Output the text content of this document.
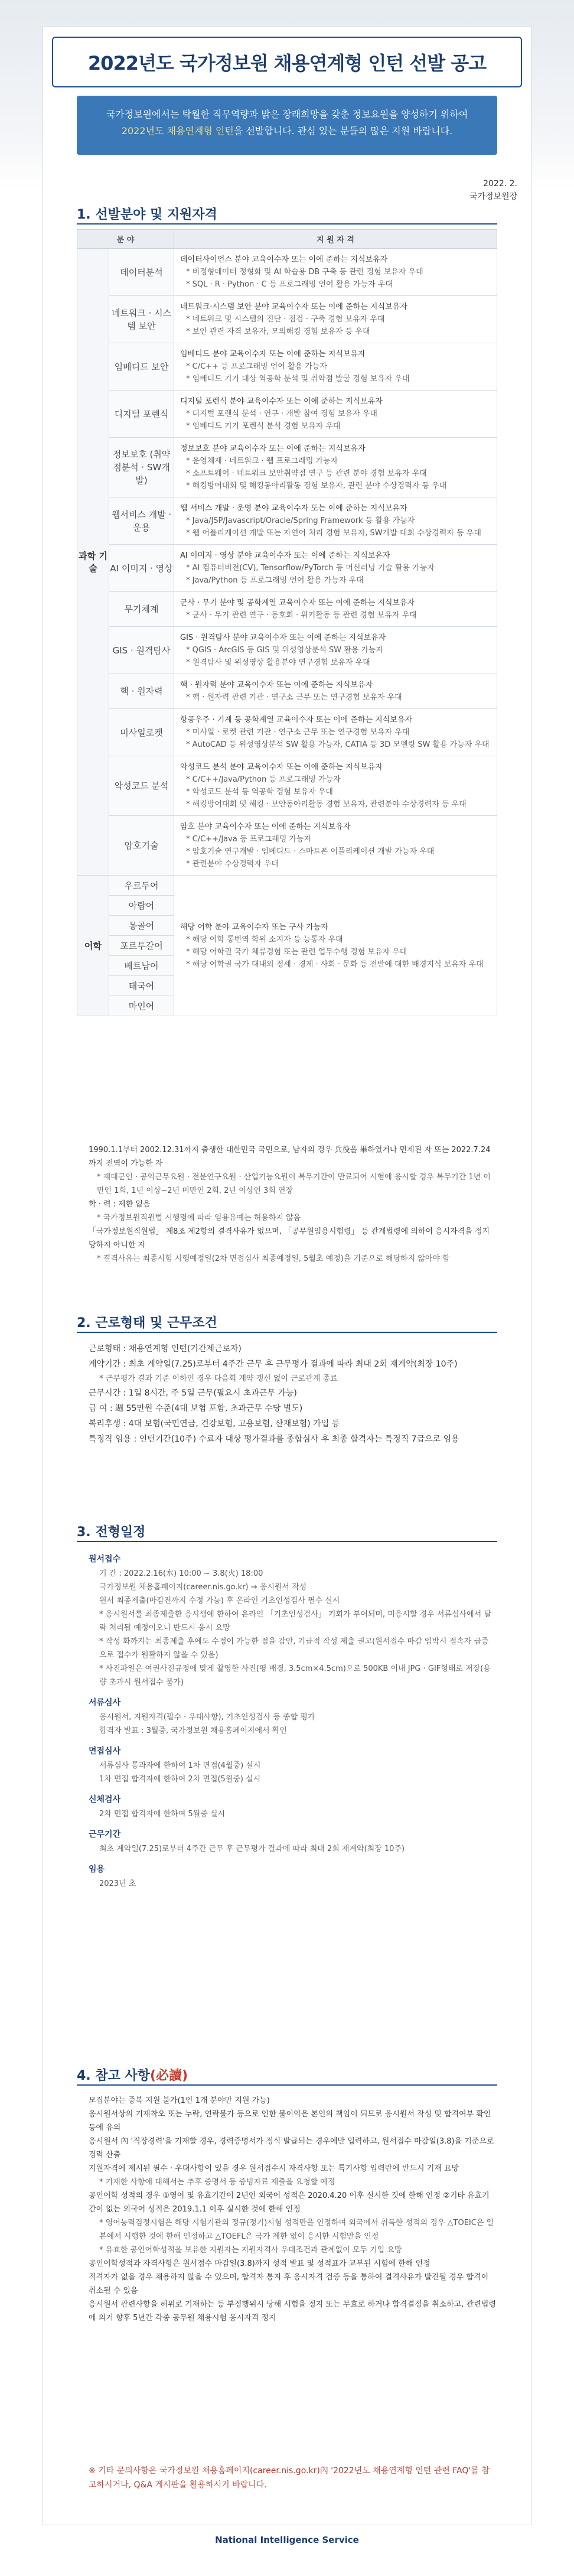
2022년도 국가정보원 채용연계형 인턴 선발 공고
국가정보원에서는 탁월한 직무역량과 밝은 장래희망을 갖춘 정보요원을 양성하기 위하여
2022년도 채용연계형 인턴을 선발합니다. 관심 있는 분들의 많은 지원 바랍니다.
2022. 2.
국가정보원장
1. 선발분야 및 지원자격
분 야		지 원 자 격
과학 기술	데이터분석	데이터사이언스 분야 교육이수자 또는 이에 준하는 지식보유자
* 비정형데이터 정형화 및 AI 학습용 DB 구축 등 관련 경험 보유자 우대
* SQL · R · Python · C 등 프로그래밍 언어 활용 가능자 우대

	네트워크 · 시스템 보안	네트워크·시스템 보안 분야 교육이수자 또는 이에 준하는 지식보유자
* 네트워크 및 시스템의 진단 · 점검 · 구축 경험 보유자 우대
* 보안 관련 자격 보유자, 모의해킹 경험 보유자 등 우대

	임베디드 보안	임베디드 분야 교육이수자 또는 이에 준하는 지식보유자
* C/C++ 등 프로그래밍 언어 활용 가능자
* 임베디드 기기 대상 역공학 분석 및 취약점 발굴 경험 보유자 우대

	디지털 포렌식	디지털 포렌식 분야 교육이수자 또는 이에 준하는 지식보유자
* 디지털 포렌식 분석 · 연구 · 개발 참여 경험 보유자 우대
* 임베디드 기기 포렌식 분석 경험 보유자 우대

	정보보호 (취약점분석 · SW개발)	정보보호 분야 교육이수자 또는 이에 준하는 지식보유자
* 운영체제 · 네트워크 · 웹 프로그래밍 가능자
* 소프트웨어 · 네트워크 보안취약점 연구 등 관련 분야 경험 보유자 우대
* 해킹방어대회 및 해킹동아리활동 경험 보유자, 관련 분야 수상경력자 등 우대

	웹서비스 개발 · 운용	웹 서비스 개발 · 운영 분야 교육이수자 또는 이에 준하는 지식보유자
* Java/JSP/Javascript/Oracle/Spring Framework 등 활용 가능자
* 웹 어플리케이션 개발 또는 자연어 처리 경험 보유자, SW개발 대회 수상경력자 등 우대

	AI 이미지 · 영상	AI 이미지 · 영상 분야 교육이수자 또는 이에 준하는 지식보유자
* AI 컴퓨터비전(CV), Tensorflow/PyTorch 등 머신러닝 기술 활용 가능자
* Java/Python 등 프로그래밍 언어 활용 가능자 우대

	무기체계	군사 · 무기 분야 및 공학계열 교육이수자 또는 이에 준하는 지식보유자
* 군사 · 무기 관련 연구 · 동호회 · 위키활동 등 관련 경험 보유자 우대

	GIS · 원격탐사	GIS · 원격탐사 분야 교육이수자 또는 이에 준하는 지식보유자
* QGIS · ArcGIS 등 GIS 및 위성영상분석 SW 활용 가능자
* 원격탐사 및 위성영상 활용분야 연구경험 보유자 우대

	핵 · 원자력	핵 · 원자력 분야 교육이수자 또는 이에 준하는 지식보유자
* 핵 · 원자력 관련 기관 · 연구소 근무 또는 연구경험 보유자 우대

	미사일로켓	항공우주 · 기계 등 공학계열 교육이수자 또는 이에 준하는 지식보유자
* 미사일 · 로켓 관련 기관 · 연구소 근무 또는 연구경험 보유자 우대
* AutoCAD 등 위성영상분석 SW 활용 가능자, CATIA 등 3D 모델링 SW 활용 가능자 우대

	악성코드 분석	악성코드 분석 분야 교육이수자 또는 이에 준하는 지식보유자
* C/C++/Java/Python 등 프로그래밍 가능자
* 악성코드 분석 등 역공학 경험 보유자 우대
* 해킹방어대회 및 해킹 · 보안동아리활동 경험 보유자, 관련분야 수상경력자 등 우대

	암호기술	암호 분야 교육이수자 또는 이에 준하는 지식보유자
* C/C++/Java 등 프로그래밍 가능자
* 암호기술 연구개발 · 임베디드 · 스마트폰 어플리케이션 개발 가능자 우대
* 관련분야 수상경력자 우대

어학	우르두어	해당 어학 분야 교육이수자 또는 구사 가능자
* 해당 어학 통번역 학위 소지자 등 능통자 우대
* 해당 어학권 국가 체류경험 또는 관련 업무수행 경험 보유자 우대
* 해당 어학권 국가 대내외 정세 · 경제 · 사회 · 문화 등 전반에 대한 배경지식 보유자 우대

	아랍어	
	몽골어	
	포르투갈어	
	베트남어	
	태국어	
	마인어	
1990.1.1부터 2002.12.31까지 출생한 대한민국 국민으로, 남자의 경우 兵役을 畢하였거나 면제된 자 또는 2022.7.24까지 전역이 가능한 자
* 제대군인 · 공익근무요원 · 전문연구요원 · 산업기능요원이 복무기간이 만료되어 시험에 응시할 경우 복무기간 1년 이만인 1회, 1년 이상~2년 미만인 2회, 2년 이상인 3회 연장
학 · 력 : 제한 없음
* 국가정보원직원법 시행령에 따라 임용유예는 허용하지 않음
「국가정보원직원법」 제8조 제2항의 결격사유가 없으며, 「공무원임용시험령」 등 관계법령에 의하여 응시자격을 정지당하지 아니한 자
* 결격사유는 최종시험 시행예정일(2차 면접심사 최종예정일, 5월초 예정)을 기준으로 해당하지 않아야 함
2. 근로형태 및 근무조건
근로형태 : 채용연계형 인턴(기간제근로자)
계약기간 : 최초 계약일(7.25)로부터 4주간 근무 후 근무평가 결과에 따라 최대 2회 재계약(최장 10주)
* 근무평가 결과 기준 이하인 경우 다음회 계약 갱신 없이 근로관계 종료
근무시간 : 1일 8시간, 주 5일 근무(필요시 초과근무 가능)
급 여 : 週 55만원 수준(4대 보험 포함, 초과근무 수당 별도)
복리후생 : 4대 보험(국민연금, 건강보험, 고용보험, 산재보험) 가입 등
특정직 임용 : 인턴기간(10주) 수료자 대상 평가결과를 종합심사 후 최종 합격자는 특정직 7급으로 임용
3. 전형일정
원서접수
기 간 : 2022.2.16(水) 10:00 ~ 3.8(火) 18:00
국가정보원 채용홈페이지(career.nis.go.kr) → 응시원서 작성
원서 최종제출(마감전까지 수정 가능) 후 온라인 기초인성검사 필수 실시
* 응시원서를 최종제출한 응시생에 한하여 온라인 「기초인성검사」 기회가 부여되며, 미응시할 경우 서류심사에서 탈락 처리될 예정이오니 반드시 응시 요망
* 작성 화까지는 최종제출 후에도 수정이 가능한 점을 감안, 기급적 작성 제출 권고(원서접수 마감 임박시 접속자 급증으로 접수가 원활하지 않을 수 있음)
* 사진파일은 여권사진규정에 맞게 촬영한 사진(평 배경, 3.5cm×4.5cm)으로 500KB 이내 JPG · GIF형태로 저장(용량 초과시 원서접수 불가)
서류심사
응시원서, 지원자격(필수 · 우대사항), 기초인성검사 등 종합 평가
합격자 발표 : 3월중, 국가정보원 채용홈페이지에서 확인
면접심사
서류심사 통과자에 한하여 1차 면접(4월중) 실시
1차 면접 합격자에 한하여 2차 면접(5월중) 실시
신체검사
2차 면접 합격자에 한하여 5월중 실시
근무기간
최초 계약일(7.25)로부터 4주간 근무 후 근무평가 결과에 따라 최대 2회 재계약(최장 10주)
임용
2023년 초
4. 참고 사항(必讀)
모집분야는 중복 지원 불가(1인 1개 분야만 지원 가능)
응시원서상의 기재착오 또는 누락, 연락불가 등으로 인한 불이익은 본인의 책임이 되므로 응시원서 작성 및 합격여부 확인 등에 유의
응시원서 內 '직장경력'을 기재할 경우, 경력증명서가 정식 발급되는 경우에만 입력하고, 원서접수 마감일(3.8)을 기준으로 경력 산출
지원자격에 제시된 필수 · 우대사항이 있을 경우 원서접수시 자격사항 또는 특기사항 입력란에 반드시 기재 요망
* 기재한 사항에 대해서는 추후 증명서 등 증빙자료 제출을 요청할 예정
공인어학 성적의 경우 ①영어 및 유효기간이 2년인 외국어 성적은 2020.4.20 이후 실시한 것에 한해 인정 ②기타 유효기간이 없는 외국어 성적은 2019.1.1 이후 실시한 것에 한해 인정
* 영어능력검정시험은 해당 시험기관의 정규(정기)시험 성적만을 인정하며 외국에서 취득한 성적의 경우 △TOEIC은 일본에서 시행한 것에 한해 인정하고 △TOEFL은 국가 제한 없이 응시한 시험만을 인정
* 유효한 공인어학성적을 보유한 지원자는 지원자격사 우대조건과 관계없이 모두 기입 요망
공인어학성적과 자격사항은 원서접수 마감일(3.8)까지 성적 발표 및 성적표가 교부된 시험에 한해 인정
적격자가 없을 경우 채용하지 않을 수 있으며, 합격자 통지 후 응시자격 검증 등을 통하여 결격사유가 발견될 경우 합격이 취소될 수 있음
응시원서 관련사항을 허위로 기재하는 등 부정행위시 당해 시험을 정지 또는 무효로 하거나 합격결정을 취소하고, 관련법령에 의거 향후 5년간 각종 공무원 채용시험 응시자격 정지
※ 기타 문의사항은 국가정보원 채용홈페이지(career.nis.go.kr)內 '2022년도 채용연계형 인턴 관련 FAQ'를 참고하시거나, Q&A 게시판을 활용하시기 바랍니다.
National Intelligence Service
